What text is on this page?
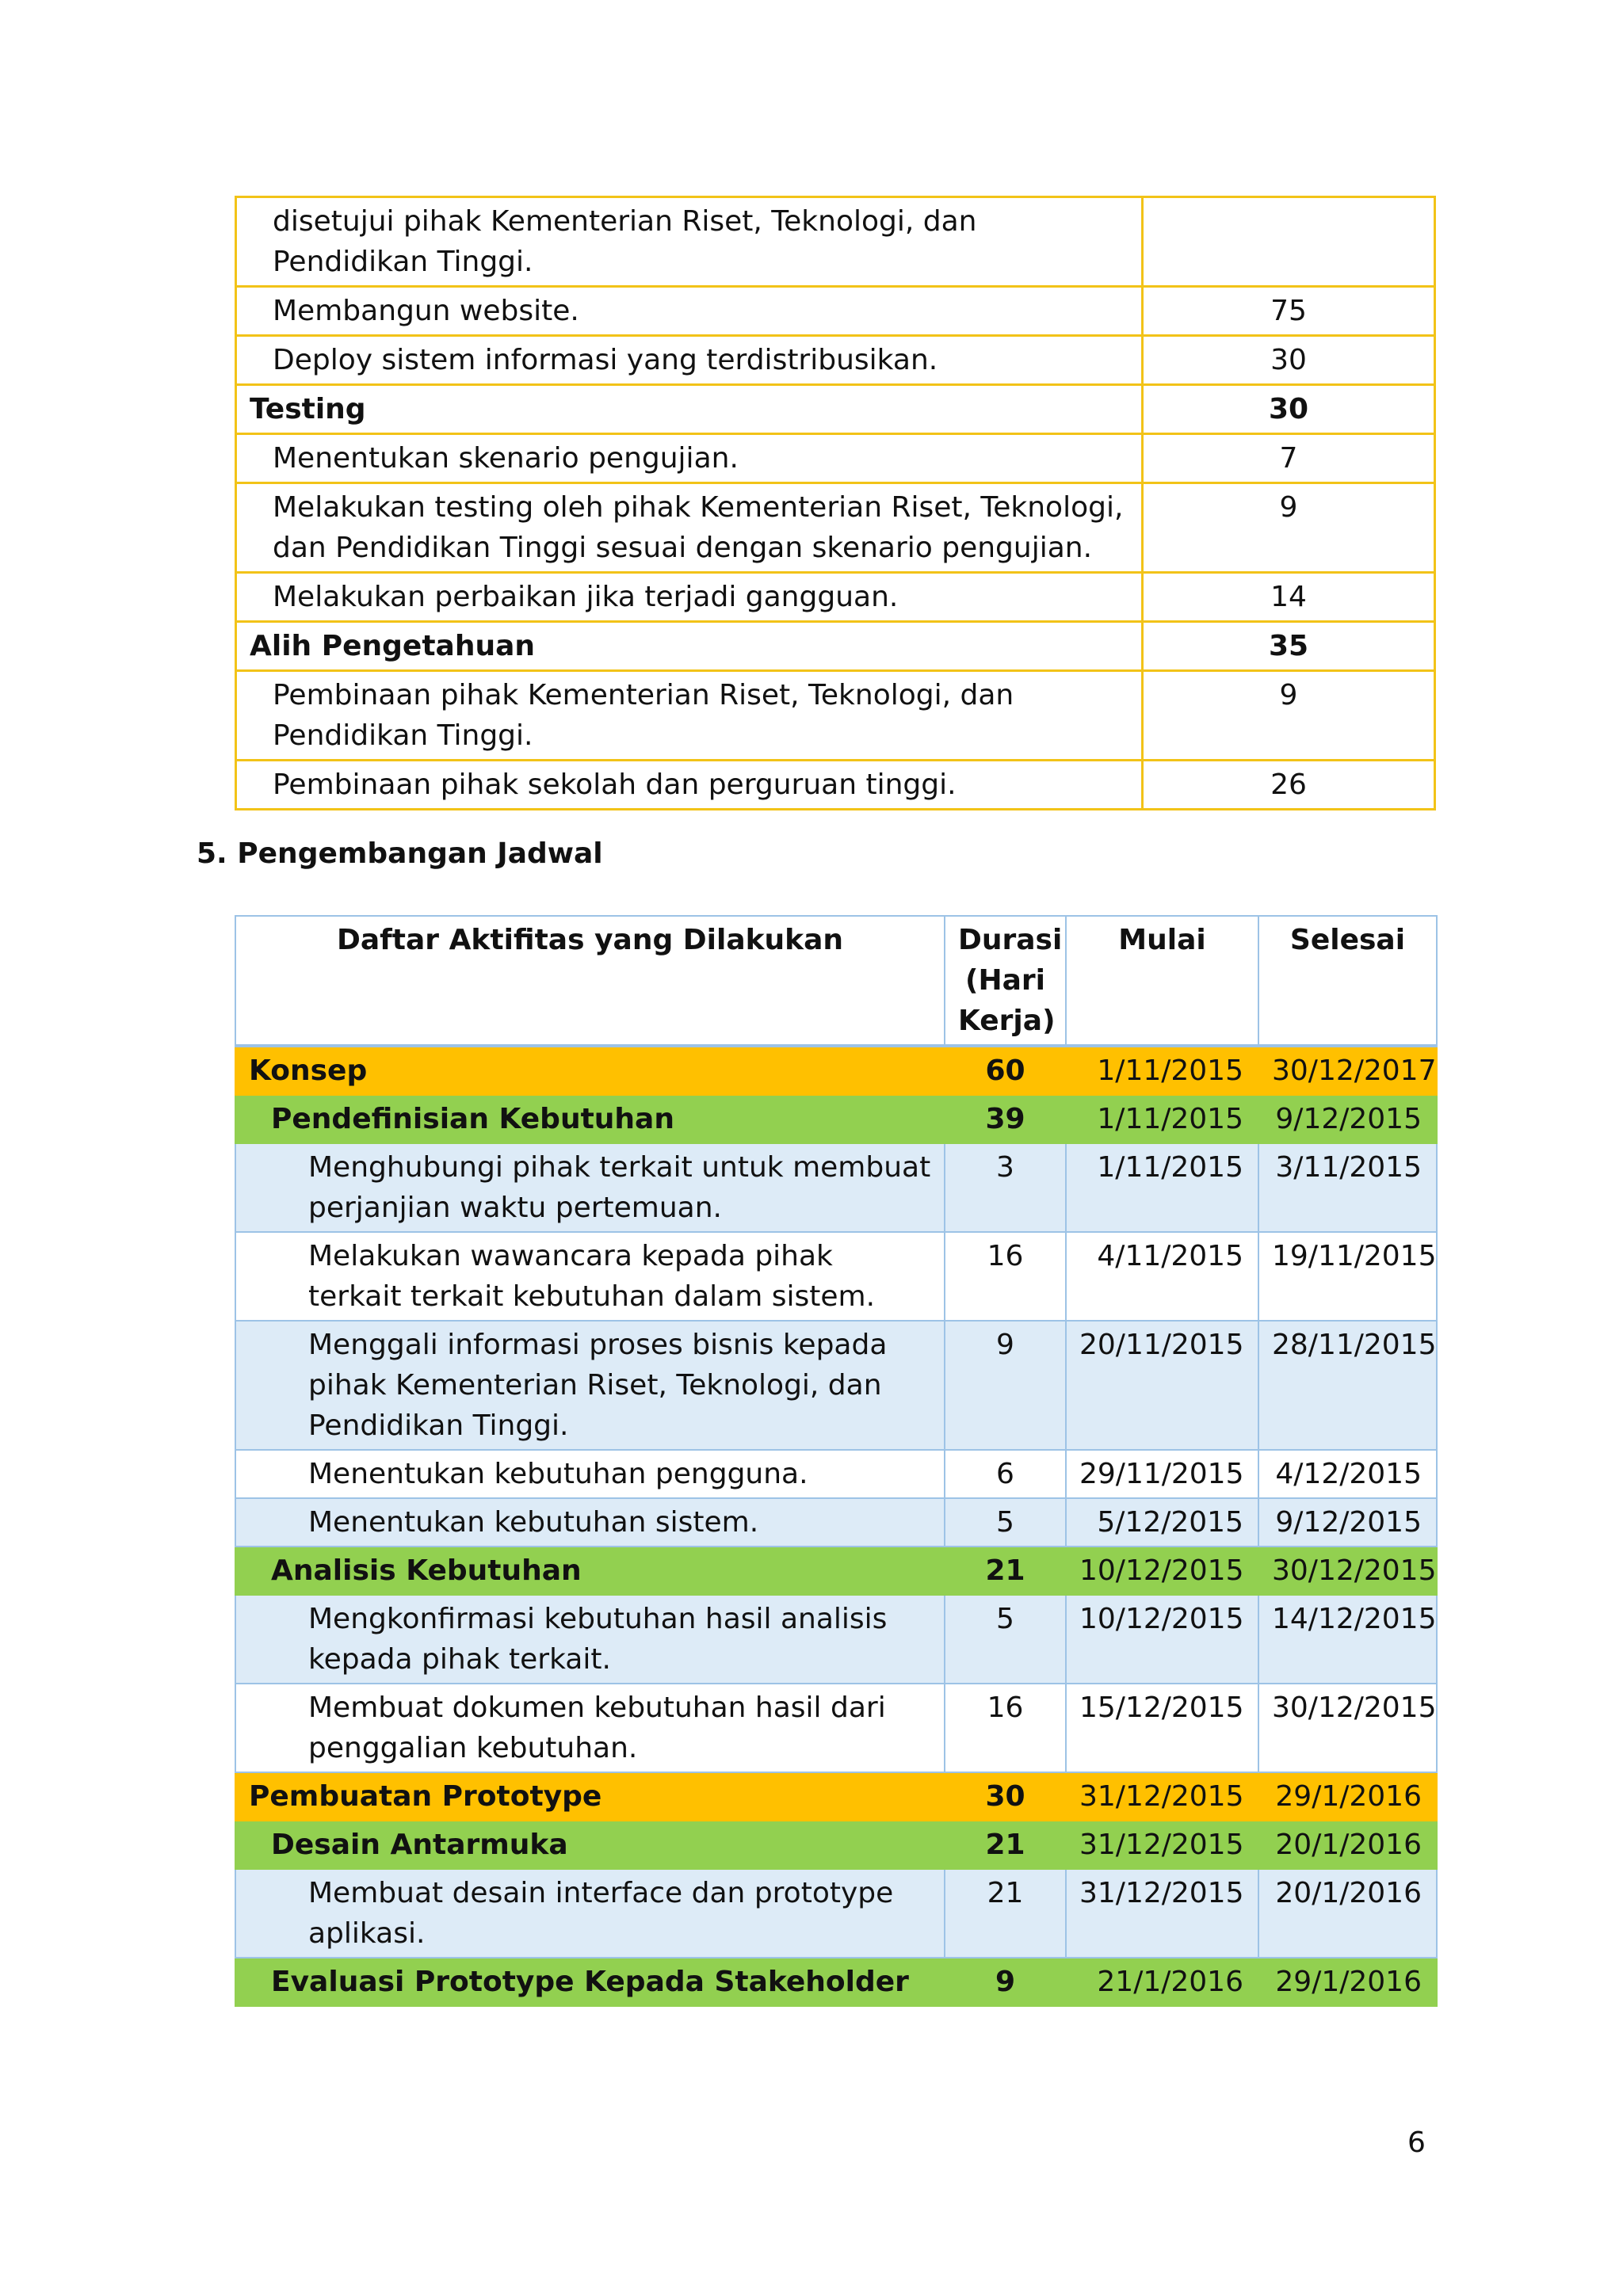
disetujui pihak Kementerian Riset, Teknologi, dan Pendidikan Tinggi.	
Membangun website.	75
Deploy sistem informasi yang terdistribusikan.	30
Testing	30
Menentukan skenario pengujian.	7
Melakukan testing oleh pihak Kementerian Riset, Teknologi, dan Pendidikan Tinggi sesuai dengan skenario pengujian.	9
Melakukan perbaikan jika terjadi gangguan.	14
Alih Pengetahuan	35
Pembinaan pihak Kementerian Riset, Teknologi, dan Pendidikan Tinggi.	9
Pembinaan pihak sekolah dan perguruan tinggi.	26
5. Pengembangan Jadwal
Daftar Aktifitas yang Dilakukan	Durasi (Hari Kerja)	Mulai	Selesai
Konsep	60	1/11/2015	30/12/2017
Pendefinisian Kebutuhan	39	1/11/2015	9/12/2015
Menghubungi pihak terkait untuk membuat perjanjian waktu pertemuan.	3	1/11/2015	3/11/2015
Melakukan wawancara kepada pihak terkait terkait kebutuhan dalam sistem.	16	4/11/2015	19/11/2015
Menggali informasi proses bisnis kepada pihak Kementerian Riset, Teknologi, dan Pendidikan Tinggi.	9	20/11/2015	28/11/2015
Menentukan kebutuhan pengguna.	6	29/11/2015	4/12/2015
Menentukan kebutuhan sistem.	5	5/12/2015	9/12/2015
Analisis Kebutuhan	21	10/12/2015	30/12/2015
Mengkonfirmasi kebutuhan hasil analisis kepada pihak terkait.	5	10/12/2015	14/12/2015
Membuat dokumen kebutuhan hasil dari penggalian kebutuhan.	16	15/12/2015	30/12/2015
Pembuatan Prototype	30	31/12/2015	29/1/2016
Desain Antarmuka	21	31/12/2015	20/1/2016
Membuat desain interface dan prototype aplikasi.	21	31/12/2015	20/1/2016
Evaluasi Prototype Kepada Stakeholder	9	21/1/2016	29/1/2016
6
